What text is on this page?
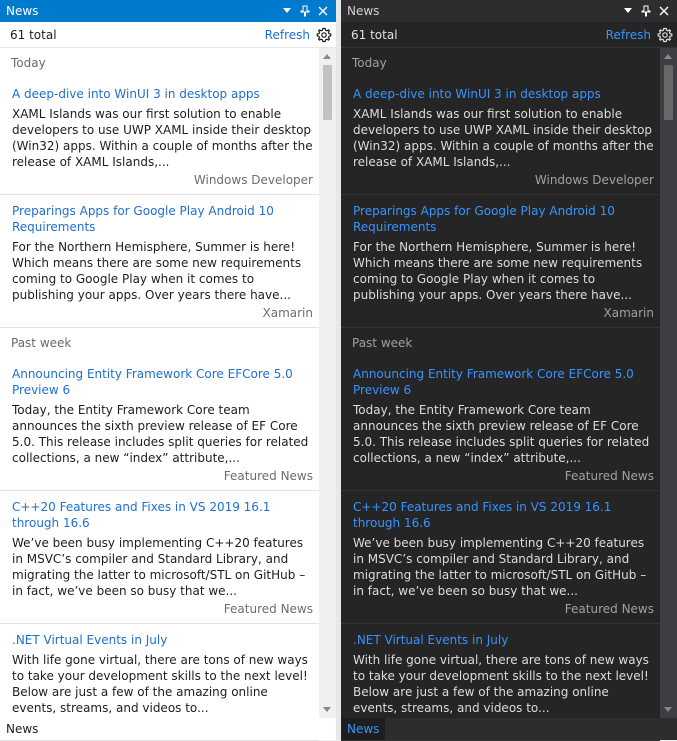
News
61 total	Refresh
Today
A deep-dive into WinUI 3 in desktop apps
XAML Islands was our first solution to enable developers to use UWP XAML inside their desktop (Win32) apps. Within a couple of months after the release of XAML Islands,...
Windows Developer
Preparings Apps for Google Play Android 10 Requirements
For the Northern Hemisphere, Summer is here! Which means there are some new requirements coming to Google Play when it comes to publishing your apps. Over years there have...
Xamarin
Past week
Announcing Entity Framework Core EFCore 5.0 Preview 6
Today, the Entity Framework Core team announces the sixth preview release of EF Core 5.0. This release includes split queries for related collections, a new “index” attribute,...
Featured News
C++20 Features and Fixes in VS 2019 16.1 through 16.6
We’ve been busy implementing C++20 features in MSVC’s compiler and Standard Library, and migrating the latter to microsoft/STL on GitHub – in fact, we’ve been so busy that we...
Featured News
.NET Virtual Events in July
With life gone virtual, there are tons of new ways to take your development skills to the next level! Below are just a few of the amazing online events, streams, and videos to...
News
News
61 total	Refresh
Today
A deep-dive into WinUI 3 in desktop apps
XAML Islands was our first solution to enable developers to use UWP XAML inside their desktop (Win32) apps. Within a couple of months after the release of XAML Islands,...
Windows Developer
Preparings Apps for Google Play Android 10 Requirements
For the Northern Hemisphere, Summer is here! Which means there are some new requirements coming to Google Play when it comes to publishing your apps. Over years there have...
Xamarin
Past week
Announcing Entity Framework Core EFCore 5.0 Preview 6
Today, the Entity Framework Core team announces the sixth preview release of EF Core 5.0. This release includes split queries for related collections, a new “index” attribute,...
Featured News
C++20 Features and Fixes in VS 2019 16.1 through 16.6
We’ve been busy implementing C++20 features in MSVC’s compiler and Standard Library, and migrating the latter to microsoft/STL on GitHub – in fact, we’ve been so busy that we...
Featured News
.NET Virtual Events in July
With life gone virtual, there are tons of new ways to take your development skills to the next level! Below are just a few of the amazing online events, streams, and videos to...
News
